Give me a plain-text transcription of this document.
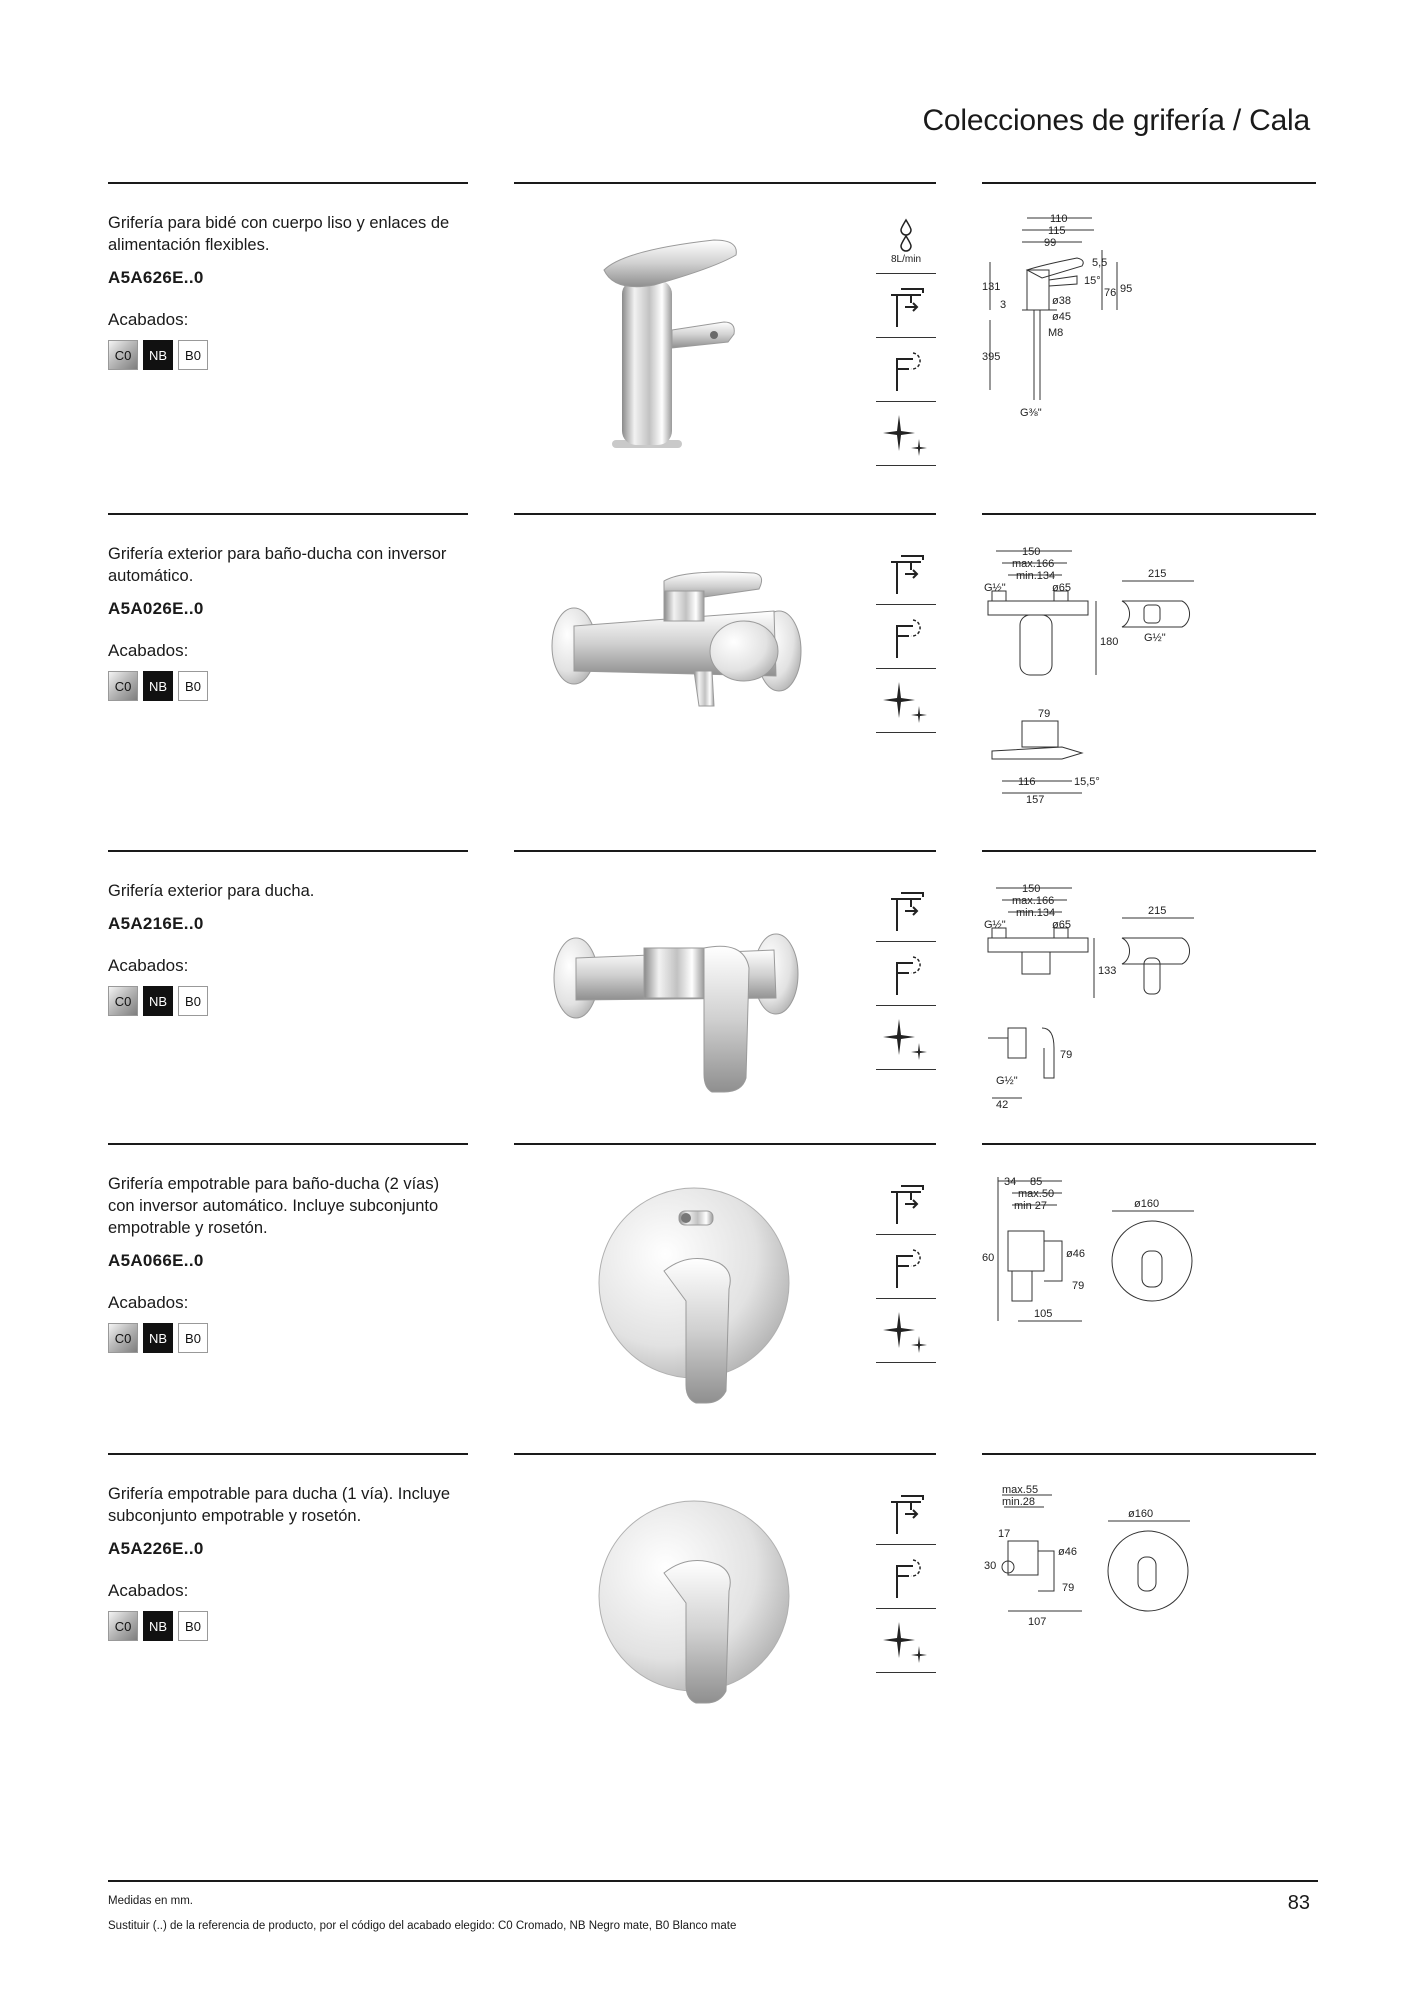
Colecciones de grifería / Cala
Grifería para bidé con cuerpo liso y enlaces de alimentación flexibles.
A5A626E..0
Acabados:
C0	NB	B0
8L/min
110
115
99
5,5
15°
131	76 95
3	ø38
ø45
M8
395
G⅜"
Grifería exterior para baño-ducha con inversor automático.
A5A026E..0
Acabados:
C0	NB	B0
150
max.166
min.134
G½"	ø65
180
215
G½"
79
116
157
15,5°
Grifería exterior para ducha.
A5A216E..0
Acabados:
C0	NB	B0
150
max.166
min.134
G½"	ø65
133
215
79
G½"
42
Grifería empotrable para baño-ducha (2 vías) con inversor automático. Incluye subconjunto empotrable y rosetón.
A5A066E..0
Acabados:
C0	NB	B0
34 85
max.50
min 27	ø160
60	ø46
79
105
Grifería empotrable para ducha (1 vía). Incluye subconjunto empotrable y rosetón.
A5A226E..0
Acabados:
C0	NB	B0
max.55
min.28
17
ø160
30
ø46
79
107
Medidas en mm.
Sustituir (..) de la referencia de producto, por el código del acabado elegido: C0 Cromado, NB Negro mate, B0 Blanco mate
83
